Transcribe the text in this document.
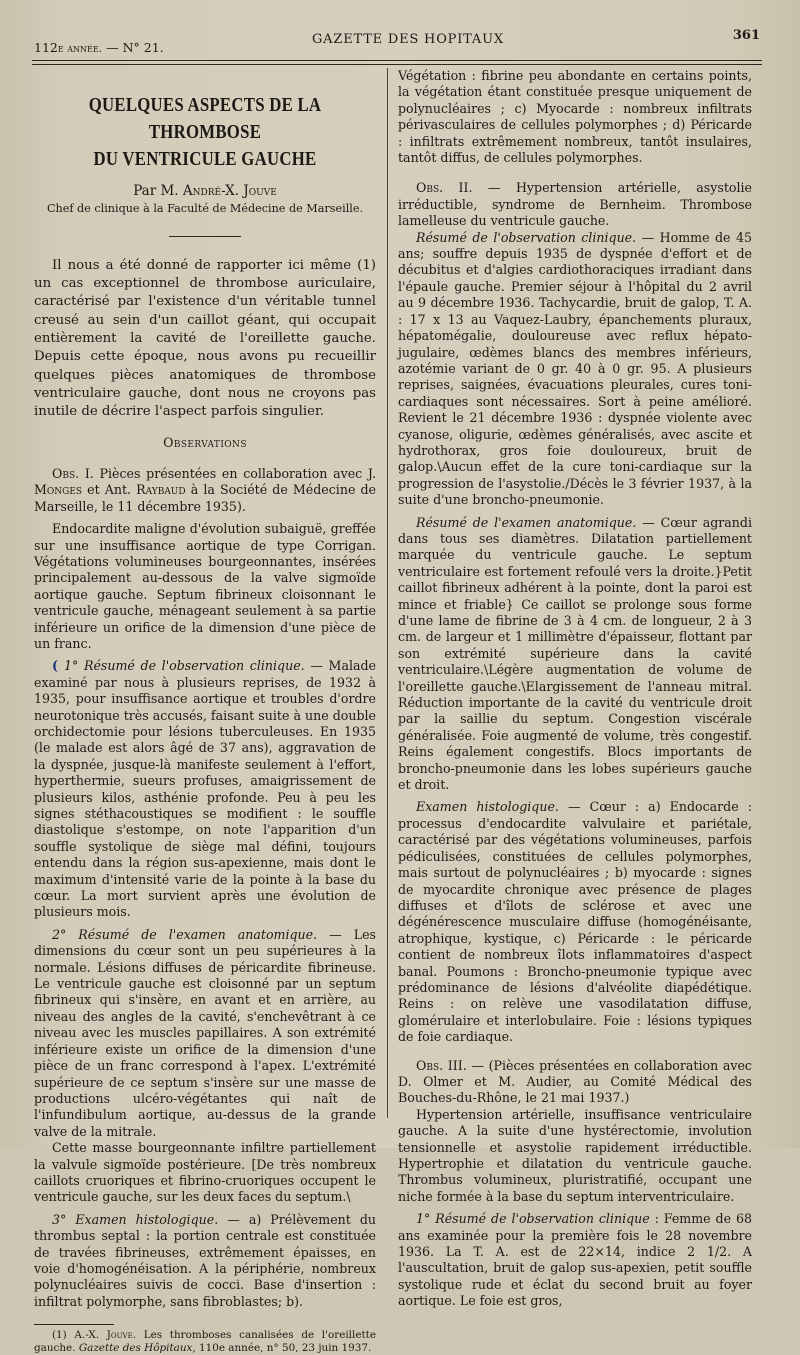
112e année. — N° 21.
GAZETTE DES HOPITAUX	361
QUELQUES ASPECTS DE LA THROMBOSE
DU VENTRICULE GAUCHE
Par M. André-X. Jouve
Chef de clinique à la Faculté de Médecine de Marseille.

Il nous a été donné de rapporter ici même (1) un cas exceptionnel de thrombose auriculaire, caractérisé par l'existence d'un véritable tunnel creusé au sein d'un caillot géant, qui occupait entièrement la cavité de l'oreillette gauche. Depuis cette époque, nous avons pu recueillir quelques pièces anatomiques de thrombose ventriculaire gauche, dont nous ne croyons pas inutile de décrire l'aspect parfois singulier.

Observations

Obs. I. Pièces présentées en collaboration avec J. Monges et Ant. Raybaud à la Société de Médecine de Marseille, le 11 décembre 1935).

Endocardite maligne d'évolution subaiguë, greffée sur une insuffisance aortique de type Corrigan. Végétations volumineuses bourgeonnantes, insérées principalement au-dessous de la valve sigmoïde aortique gauche. Septum fibrineux cloisonnant le ventricule gauche, ménageant seulement à sa partie inférieure un orifice de la dimension d'une pièce de un franc.

( 1° Résumé de l'observation clinique. — Malade examiné par nous à plusieurs reprises, de 1932 à 1935, pour insuffisance aortique et troubles d'ordre neurotonique très accusés, faisant suite à une double orchidectomie pour lésions tuberculeuses. En 1935 (le malade est alors âgé de 37 ans), aggravation de la dyspnée, jusque-là manifeste seulement à l'effort, hyperthermie, sueurs profuses, amaigrissement de plusieurs kilos, asthénie profonde. Peu à peu les signes stéthacoustiques se modifient : le souffle diastolique s'estompe, on note l'apparition d'un souffle systolique de siège mal défini, toujours entendu dans la région sus-apexienne, mais dont le maximum d'intensité varie de la pointe à la base du cœur. La mort survient après une évolution de plusieurs mois.

2° Résumé de l'examen anatomique. — Les dimensions du cœur sont un peu supérieures à la normale. Lésions diffuses de péricardite fibrineuse. Le ventricule gauche est cloisonné par un septum fibrineux qui s'insère, en avant et en arrière, au niveau des angles de la cavité, s'enchevêtrant à ce niveau avec les muscles papillaires. A son extrémité inférieure existe un orifice de la dimension d'une pièce de un franc correspond à l'apex. L'extrémité supérieure de ce septum s'insère sur une masse de productions ulcéro-végétantes qui naît de l'infundibulum aortique, au-dessus de la grande valve de la mitrale.

Cette masse bourgeonnante infiltre partiellement la valvule sigmoïde postérieure. [De très nombreux caillots cruoriques et fibrino-cruoriques occupent le ventricule gauche, sur les deux faces du septum.\

3° Examen histologique. — a) Prélèvement du thrombus septal : la portion centrale est constituée de travées fibrineuses, extrêmement épaisses, en voie d'homogénéisation. A la périphérie, nombreux polynucléaires suivis de cocci. Base d'insertion : infiltrat polymorphe, sans fibroblastes; b).

(1) A.-X. Jouve. Les thromboses canalisées de l'oreillette gauche. Gazette des Hôpitaux, 110e année, n° 50, 23 juin 1937.

Végétation : fibrine peu abondante en certains points, la végétation étant constituée presque uniquement de polynucléaires ; c) Myocarde : nombreux infiltrats périvasculaires de cellules polymorphes ; d) Péricarde : infiltrats extrêmement nombreux, tantôt insulaires, tantôt diffus, de cellules polymorphes.

Obs. II. — Hypertension artérielle, asystolie irréductible, syndrome de Bernheim. Thrombose lamelleuse du ventricule gauche.

Résumé de l'observation clinique. — Homme de 45 ans; souffre depuis 1935 de dyspnée d'effort et de décubitus et d'algies cardiothoraciques irradiant dans l'épaule gauche. Premier séjour à l'hôpital du 2 avril au 9 décembre 1936. Tachycardie, bruit de galop, T. A. : 17 x 13 au Vaquez-Laubry, épanchements pluraux, hépatomégalie, douloureuse avec reflux hépato-jugulaire, œdèmes blancs des membres inférieurs, azotémie variant de 0 gr. 40 à 0 gr. 95. A plusieurs reprises, saignées, évacuations pleurales, cures toni-cardiaques sont nécessaires. Sort à peine amélioré. Revient le 21 décembre 1936 : dyspnée violente avec cyanose, oligurie, œdèmes généralisés, avec ascite et hydrothorax, gros foie douloureux, bruit de galop.\Aucun effet de la cure toni-cardiaque sur la progression de l'asystolie./Décès le 3 février 1937, à la suite d'une broncho-pneumonie.

Résumé de l'examen anatomique. — Cœur agrandi dans tous ses diamètres. Dilatation partiellement marquée du ventricule gauche. Le septum ventriculaire est fortement refoulé vers la droite.}Petit caillot fibrineux adhérent à la pointe, dont la paroi est mince et friable} Ce caillot se prolonge sous forme d'une lame de fibrine de 3 à 4 cm. de longueur, 2 à 3 cm. de largeur et 1 millimètre d'épaisseur, flottant par son extrémité supérieure dans la cavité ventriculaire.\Légère augmentation de volume de l'oreillette gauche.\Elargissement de l'anneau mitral. Réduction importante de la cavité du ventricule droit par la saillie du septum. Congestion viscérale généralisée. Foie augmenté de volume, très congestif. Reins également congestifs. Blocs importants de broncho-pneumonie dans les lobes supérieurs gauche et droit.

Examen histologique. — Cœur : a) Endocarde : processus d'endocardite valvulaire et pariétale, caractérisé par des végétations volumineuses, parfois pédiculisées, constituées de cellules polymorphes, mais surtout de polynucléaires ; b) myocarde : signes de myocardite chronique avec présence de plages diffuses et d'îlots de sclérose et avec une dégénérescence musculaire diffuse (homogénéisante, atrophique, kystique, c) Péricarde : le péricarde contient de nombreux îlots inflammatoires d'aspect banal. Poumons : Broncho-pneumonie typique avec prédominance de lésions d'alvéolite diapédétique. Reins : on relève une vasodilatation diffuse, glomérulaire et interlobulaire. Foie : lésions typiques de foie cardiaque.

Obs. III. — (Pièces présentées en collaboration avec D. Olmer et M. Audier, au Comité Médical des Bouches-du-Rhône, le 21 mai 1937.)

Hypertension artérielle, insuffisance ventriculaire gauche. A la suite d'une hystérectomie, involution tensionnelle et asystolie rapidement irréductible. Hypertrophie et dilatation du ventricule gauche. Thrombus volumineux, pluristratifié, occupant une niche formée à la base du septum interventriculaire.

1° Résumé de l'observation clinique : Femme de 68 ans examinée pour la première fois le 28 novembre 1936. La T. A. est de 22×14, indice 2 1/2. A l'auscultation, bruit de galop sus-apexien, petit souffle systolique rude et éclat du second bruit au foyer aortique. Le foie est gros,
